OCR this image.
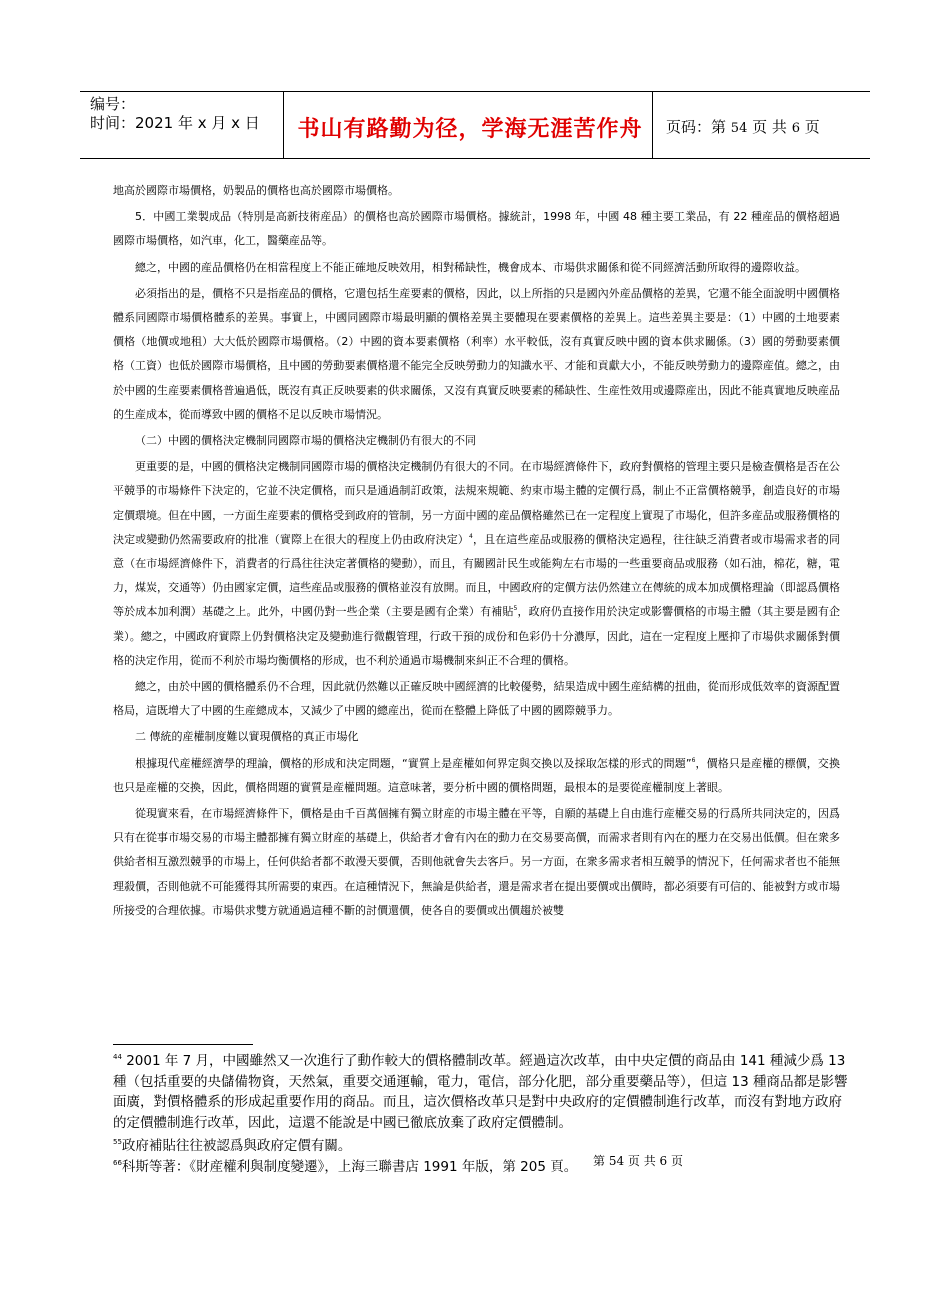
编号：
时间：2021 年 x 月 x 日	书山有路勤为径，学海无涯苦作舟	页码：第 54 页 共 6 页

地高於國際市場價格，奶製品的價格也高於國際市場價格。

5．中國工業製成品（特別是高新技術産品）的價格也高於國際市場價格。據統計，1998 年，中國 48 種主要工業品，有 22 種産品的價格超過國際市場價格，如汽車，化工，醫藥産品等。

總之，中國的産品價格仍在相當程度上不能正確地反映效用，相對稀缺性，機會成本、市場供求關係和從不同經濟活動所取得的邊際收益。

必須指出的是，價格不只是指産品的價格，它還包括生産要素的價格，因此，以上所指的只是國內外産品價格的差異，它還不能全面說明中國價格體系同國際市場價格體系的差異。事實上，中國同國際市場最明顯的價格差異主要體現在要素價格的差異上。這些差異主要是：（1）中國的土地要素價格（地價或地租）大大低於國際市場價格。（2）中國的資本要素價格（利率）水平較低，沒有真實反映中國的資本供求關係。（3）國的勞動要素價格（工資）也低於國際市場價格，且中國的勞動要素價格還不能完全反映勞動力的知識水平、才能和貢獻大小，不能反映勞動力的邊際産值。總之，由於中國的生産要素價格普遍過低，既沒有真正反映要素的供求關係，又沒有真實反映要素的稀缺性、生産性效用或邊際産出，因此不能真實地反映産品的生産成本，從而導致中國的價格不足以反映市場情況。

（二）中國的價格決定機制同國際市場的價格決定機制仍有很大的不同

更重要的是，中國的價格決定機制同國際市場的價格決定機制仍有很大的不同。在市場經濟條件下，政府對價格的管理主要只是檢查價格是否在公平競爭的市場條件下決定的，它並不決定價格，而只是通過制訂政策，法規來規範、約束市場主體的定價行爲，制止不正當價格競爭，創造良好的市場定價環境。但在中國，一方面生産要素的價格受到政府的管制，另一方面中國的産品價格雖然已在一定程度上實現了市場化，但許多産品或服務價格的決定或變動仍然需要政府的批准（實際上在很大的程度上仍由政府決定）$^4$，且在這些産品或服務的價格決定過程，往往缺乏消費者或市場需求者的同意（在市場經濟條件下，消費者的行爲往往決定著價格的變動），而且，有關國計民生或能夠左右市場的一些重要商品或服務（如石油，棉花，糖，電力，煤炭，交通等）仍由國家定價，這些産品或服務的價格並沒有放開。而且，中國政府的定價方法仍然建立在傳統的成本加成價格理論（即認爲價格等於成本加利潤）基礎之上。此外，中國仍對一些企業（主要是國有企業）有補貼$^5$，政府仍直接作用於決定或影響價格的市場主體（其主要是國有企業）。總之，中國政府實際上仍對價格決定及變動進行微觀管理，行政干預的成份和色彩仍十分濃厚，因此，這在一定程度上壓抑了市場供求關係對價格的決定作用，從而不利於市場均衡價格的形成，也不利於通過市場機制來糾正不合理的價格。

總之，由於中國的價格體系仍不合理，因此就仍然難以正確反映中國經濟的比較優勢，結果造成中國生産結構的扭曲，從而形成低效率的資源配置格局，這既增大了中國的生産總成本，又減少了中國的總産出，從而在整體上降低了中國的國際競爭力。

二 傳統的産權制度難以實現價格的真正市場化

根據現代産權經濟學的理論，價格的形成和決定問題，“實質上是産權如何界定與交換以及採取怎樣的形式的問題”$^6$，價格只是産權的標價，交換也只是産權的交換，因此，價格問題的實質是産權問題。這意味著，要分析中國的價格問題，最根本的是要從産權制度上著眼。

從現實來看，在市場經濟條件下，價格是由千百萬個擁有獨立財産的市場主體在平等，自願的基礎上自由進行産權交易的行爲所共同決定的，因爲只有在從事市場交易的市場主體都擁有獨立財産的基礎上，供給者才會有內在的動力在交易要高價，而需求者則有內在的壓力在交易出低價。但在衆多供給者相互激烈競爭的市場上，任何供給者都不敢漫天要價，否則他就會失去客戶。另一方面，在衆多需求者相互競爭的情況下，任何需求者也不能無理殺價，否則他就不可能獲得其所需要的東西。在這種情況下，無論是供給者，還是需求者在提出要價或出價時，都必須要有可信的、能被對方或市場所接受的合理依據。市場供求雙方就通過這種不斷的討價還價，使各自的要價或出價趨於被雙

$^{44}$ 2001 年 7 月，中國雖然又一次進行了動作較大的價格體制改革。經過這次改革，由中央定價的商品由 141 種減少爲 13 種（包括重要的央儲備物資，天然氣，重要交通運輸，電力，電信，部分化肥，部分重要藥品等），但這 13 種商品都是影響面廣，對價格體系的形成起重要作用的商品。而且，這次價格改革只是對中央政府的定價體制進行改革，而沒有對地方政府的定價體制進行改革，因此，這還不能說是中國已徹底放棄了政府定價體制。

$^{55}$政府補貼往往被認爲與政府定價有關。

$^{66}$科斯等著：《財産權利與制度變遷》，上海三聯書店 1991 年版，第 205 頁。	第 54 页 共 6 页
